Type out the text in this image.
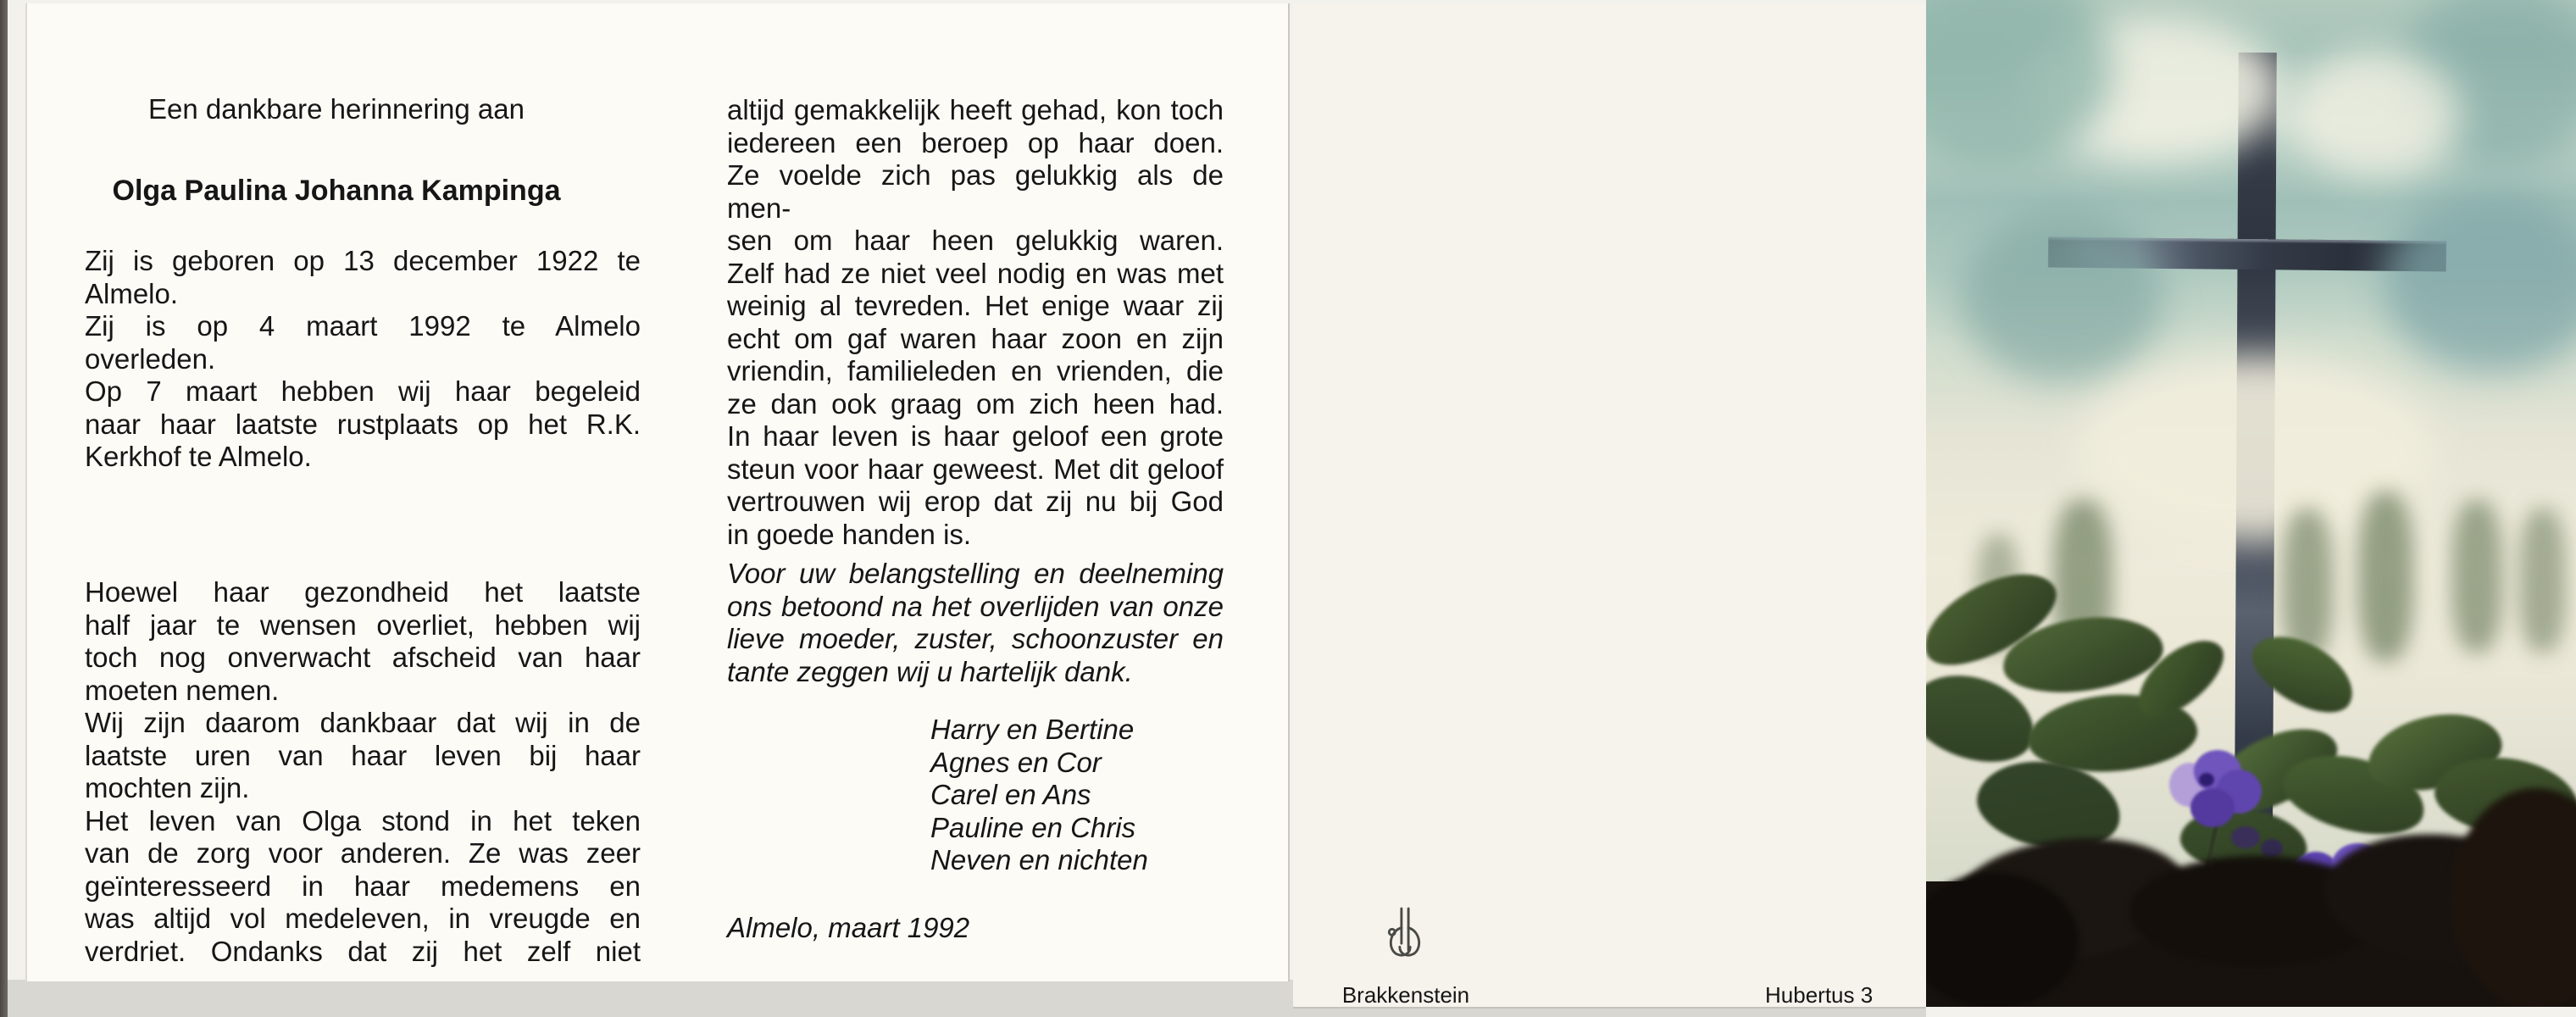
Een dankbare herinnering aan
Olga Paulina Johanna Kampinga
Zij is geboren op 13 december 1922 te
Almelo.
Zij is op 4 maart 1992 te Almelo
overleden.
Op 7 maart hebben wij haar begeleid
naar haar laatste rustplaats op het R.K.
Kerkhof te Almelo.
Hoewel haar gezondheid het laatste
half jaar te wensen overliet, hebben wij
toch nog onverwacht afscheid van haar
moeten nemen.
Wij zijn daarom dankbaar dat wij in de
laatste uren van haar leven bij haar
mochten zijn.
Het leven van Olga stond in het teken
van de zorg voor anderen. Ze was zeer
geïnteresseerd in haar medemens en
was altijd vol medeleven, in vreugde en
verdriet. Ondanks dat zij het zelf niet
altijd gemakkelijk heeft gehad, kon toch
iedereen een beroep op haar doen.
Ze voelde zich pas gelukkig als de men-
sen om haar heen gelukkig waren.
Zelf had ze niet veel nodig en was met
weinig al tevreden. Het enige waar zij
echt om gaf waren haar zoon en zijn
vriendin, familieleden en vrienden, die
ze dan ook graag om zich heen had.
In haar leven is haar geloof een grote
steun voor haar geweest. Met dit geloof
vertrouwen wij erop dat zij nu bij God
in goede handen is.
Voor uw belangstelling en deelneming
ons betoond na het overlijden van onze
lieve moeder, zuster, schoonzuster en
tante zeggen wij u hartelijk dank.
Harry en Bertine
Agnes en Cor
Carel en Ans
Pauline en Chris
Neven en nichten
Almelo, maart 1992
Brakkenstein	Hubertus 3
